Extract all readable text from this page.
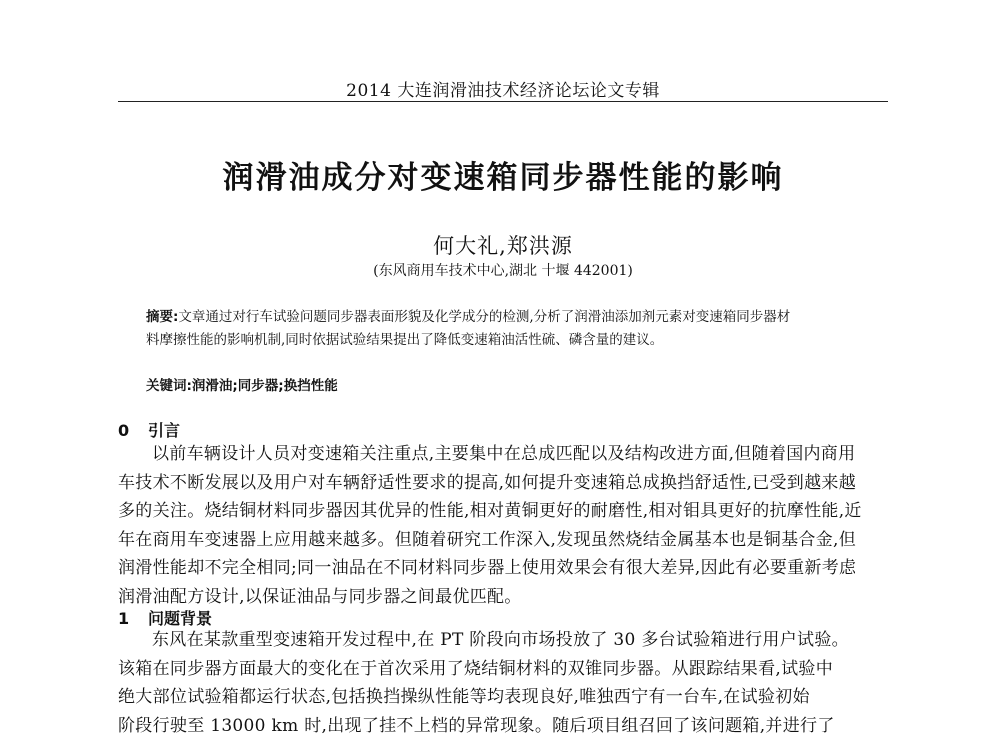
2014 大连润滑油技术经济论坛论文专辑
润滑油成分对变速箱同步器性能的影响
何大礼,郑洪源
(东风商用车技术中心,湖北 十堰 442001)
摘要:文章通过对行车试验问题同步器表面形貌及化学成分的检测,分析了润滑油添加剂元素对变速箱同步器材
料摩擦性能的影响机制,同时依据试验结果提出了降低变速箱油活性硫、磷含量的建议。
关键词:润滑油;同步器;换挡性能
0 引言
以前车辆设计人员对变速箱关注重点,主要集中在总成匹配以及结构改进方面,但随着国内商用
车技术不断发展以及用户对车辆舒适性要求的提高,如何提升变速箱总成换挡舒适性,已受到越来越
多的关注。烧结铜材料同步器因其优异的性能,相对黄铜更好的耐磨性,相对钼具更好的抗摩性能,近
年在商用车变速器上应用越来越多。但随着研究工作深入,发现虽然烧结金属基本也是铜基合金,但
润滑性能却不完全相同;同一油品在不同材料同步器上使用效果会有很大差异,因此有必要重新考虑
润滑油配方设计,以保证油品与同步器之间最优匹配。
1 问题背景
东风在某款重型变速箱开发过程中,在 PT 阶段向市场投放了 30 多台试验箱进行用户试验。
该箱在同步器方面最大的变化在于首次采用了烧结铜材料的双锥同步器。从跟踪结果看,试验中
绝大部位试验箱都运行状态,包括换挡操纵性能等均表现良好,唯独西宁有一台车,在试验初始
阶段行驶至 13000 km 时,出现了挂不上档的异常现象。随后项目组召回了该问题箱,并进行了
